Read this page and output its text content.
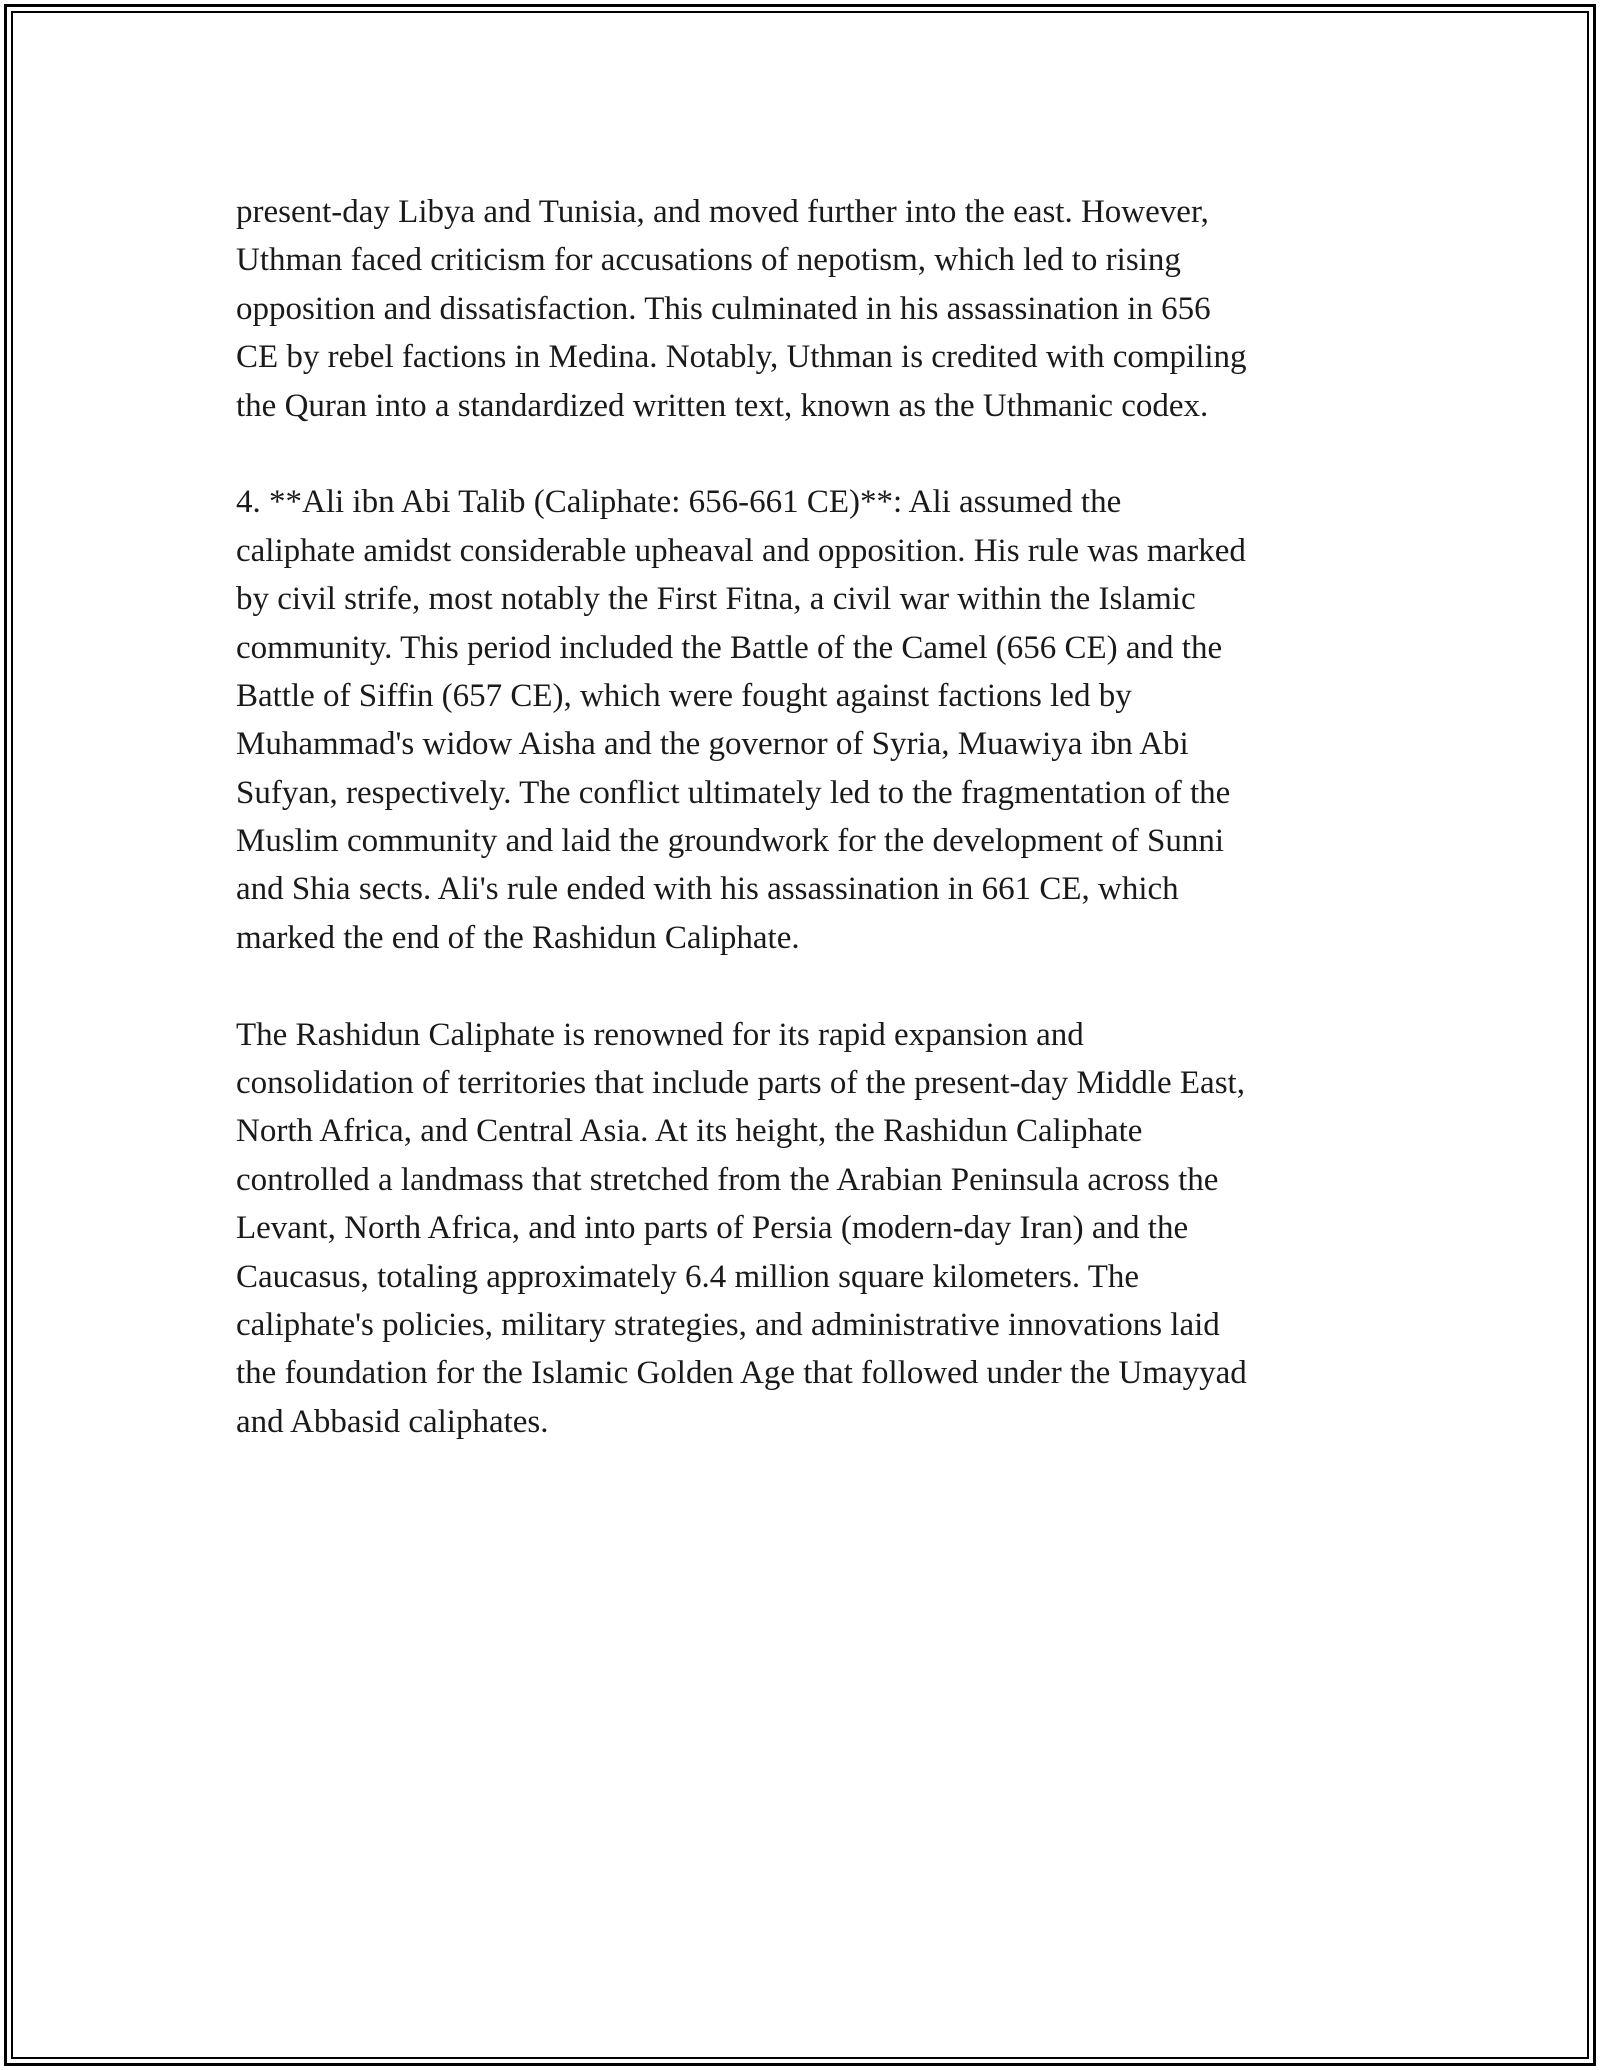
present-day Libya and Tunisia, and moved further into the east. However,
Uthman faced criticism for accusations of nepotism, which led to rising
opposition and dissatisfaction. This culminated in his assassination in 656
CE by rebel factions in Medina. Notably, Uthman is credited with compiling
the Quran into a standardized written text, known as the Uthmanic codex.
4. **Ali ibn Abi Talib (Caliphate: 656-661 CE)**: Ali assumed the
caliphate amidst considerable upheaval and opposition. His rule was marked
by civil strife, most notably the First Fitna, a civil war within the Islamic
community. This period included the Battle of the Camel (656 CE) and the
Battle of Siffin (657 CE), which were fought against factions led by
Muhammad's widow Aisha and the governor of Syria, Muawiya ibn Abi
Sufyan, respectively. The conflict ultimately led to the fragmentation of the
Muslim community and laid the groundwork for the development of Sunni
and Shia sects. Ali's rule ended with his assassination in 661 CE, which
marked the end of the Rashidun Caliphate.
The Rashidun Caliphate is renowned for its rapid expansion and
consolidation of territories that include parts of the present-day Middle East,
North Africa, and Central Asia. At its height, the Rashidun Caliphate
controlled a landmass that stretched from the Arabian Peninsula across the
Levant, North Africa, and into parts of Persia (modern-day Iran) and the
Caucasus, totaling approximately 6.4 million square kilometers. The
caliphate's policies, military strategies, and administrative innovations laid
the foundation for the Islamic Golden Age that followed under the Umayyad
and Abbasid caliphates.
